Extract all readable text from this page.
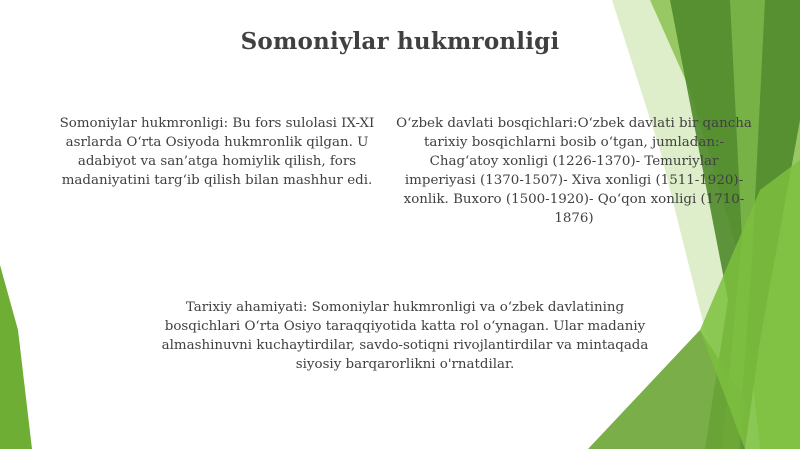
Somoniylar hukmronligi
Somoniylar hukmronligi: Bu fors sulolasi IX-XI asrlarda O‘rta Osiyoda hukmronlik qilgan. U adabiyot va san’atga homiylik qilish, fors madaniyatini targ‘ib qilish bilan mashhur edi.
O‘zbek davlati bosqichlari:O‘zbek davlati bir qancha tarixiy bosqichlarni bosib o‘tgan, jumladan:- Chag‘atoy xonligi (1226-1370)- Temuriylar imperiyasi (1370-1507)- Xiva xonligi (1511-1920)- xonlik. Buxoro (1500-1920)- Qo‘qon xonligi (1710-1876)
Tarixiy ahamiyati: Somoniylar hukmronligi va o‘zbek davlatining bosqichlari O‘rta Osiyo taraqqiyotida katta rol o‘ynagan. Ular madaniy almashinuvni kuchaytirdilar, savdo-sotiqni rivojlantirdilar va mintaqada siyosiy barqarorlikni o'rnatdilar.
